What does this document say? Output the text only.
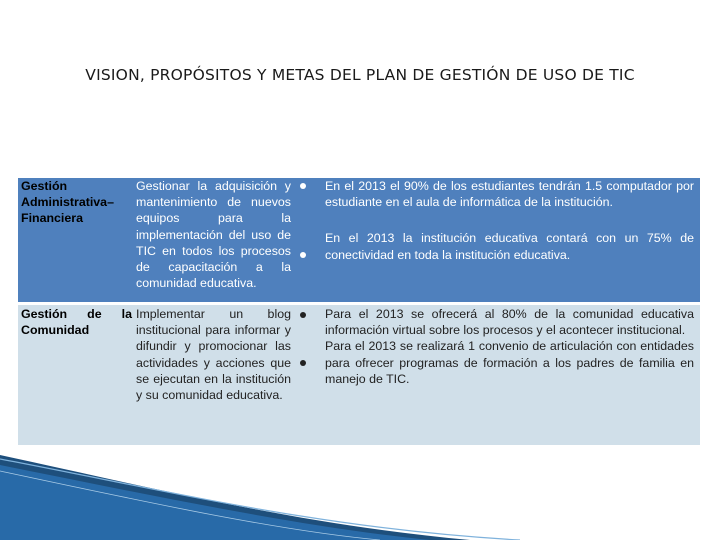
VISION, PROPÓSITOS Y METAS DEL PLAN DE GESTIÓN DE USO DE TIC
Gestión Administrativa– Financiera
Gestionar la adquisición y mantenimiento de nuevos equipos para la implementación del uso de TIC en todos los procesos de capacitación a la comunidad educativa.

En el 2013 el 90% de los estudiantes tendrán 1.5 computador por estudiante en el aula de informática de la institución.

En el 2013 la institución educativa contará con un 75% de conectividad en toda la institución educativa.

Gestión de la Comunidad
Implementar un blog institucional para informar y difundir y promocionar las actividades y acciones que se ejecutan en la institución y su comunidad educativa.

Para el 2013 se ofrecerá al 80% de la comunidad educativa información virtual sobre los procesos y el acontecer institucional.

Para el 2013 se realizará 1 convenio de articulación con entidades para ofrecer programas de formación a los padres de familia en manejo de TIC.
